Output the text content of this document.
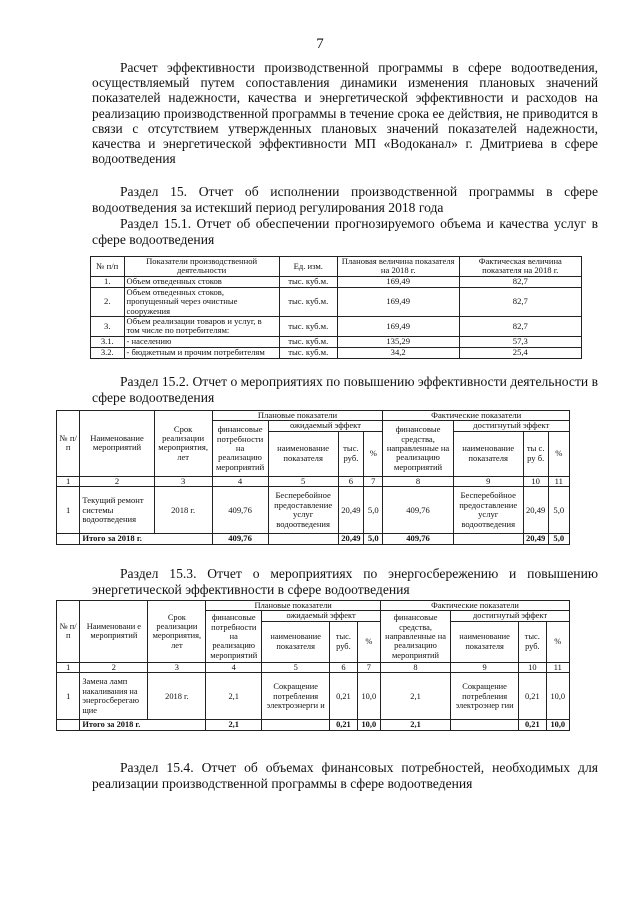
7
Расчет эффективности производственной программы в сфере водоотведения, осуществляемый путем сопоставления динамики изменения плановых значений показателей надежности, качества и энергетической эффективности и расходов на реализацию производственной программы в течение срока ее действия, не приводится в связи с отсутствием утвержденных плановых значений показателей надежности, качества и энергетической эффективности МП «Водоканал» г. Дмитриева в сфере водоотведения
Раздел 15. Отчет об исполнении производственной программы в сфере водоотведения за истекший период регулирования 2018 года
Раздел 15.1. Отчет об обеспечении прогнозируемого объема и качества услуг в сфере водоотведения
№ п/п	Показатели производственной деятельности	Ед. изм.	Плановая величина показателя на 2018 г.	Фактическая величина показателя на 2018 г.
1.	Объем отведенных стоков	тыс. куб.м.	169,49	82,7
2.	Объем отведенных стоков, пропущенный через очистные сооружения	тыс. куб.м.	169,49	82,7
3.	Объем реализации товаров и услуг, в том числе по потребителям:	тыс. куб.м.	169,49	82,7
3.1.	- населению	тыс. куб.м.	135,29	57,3
3.2.	- бюджетным и прочим потребителям	тыс. куб.м.	34,2	25,4
Раздел 15.2. Отчет о мероприятиях по повышению эффективности деятельности в сфере водоотведения
№ п/ п	Наименование мероприятий	Срок реализации мероприятия, лет	Плановые показатели				Фактические показатели			
			финансовые потребности на реализацию мероприятий	ожидаемый эффект			финансовые средства, направленные на реализацию мероприятий	достигнутый эффект		
				наименование показателя	тыс. руб.	%		наименование показателя	ты с. ру б.	%
1	2	3	4	5	6	7	8	9	10	11
1	Текущий ремонт системы водоотведения	2018 г.	409,76	Бесперебойное предоставление услуг водоотведения	20,49	5,0	409,76	Бесперебойное предоставление услуг водоотведения	20,49	5,0
	Итого за 2018 г.		409,76		20,49	5,0	409,76		20,49	5,0
Раздел 15.3. Отчет о мероприятиях по энергосбережению и повышению энергетической эффективности в сфере водоотведения
№ п/ п	Наименовани е мероприятий	Срок реализации мероприятия, лет	Плановые показатели				Фактические показатели			
			финансовые потребности на реализацию мероприятий	ожидаемый эффект			финансовые средства, направленные на реализацию мероприятий	достигнутый эффект		
				наименование показателя	тыс. руб.	%		наименование показателя	тыс. руб.	%
1	2	3	4	5	6	7	8	9	10	11
1	Замена ламп накаливания на энергосберегаю щие	2018 г.	2,1	Сокращение потребления электроэнерги и	0,21	10,0	2,1	Сокращение потребления электроэнер гии	0,21	10,0
	Итого за 2018 г.		2,1		0,21	10,0	2,1		0,21	10,0
Раздел 15.4. Отчет об объемах финансовых потребностей, необходимых для реализации производственной программы в сфере водоотведения
